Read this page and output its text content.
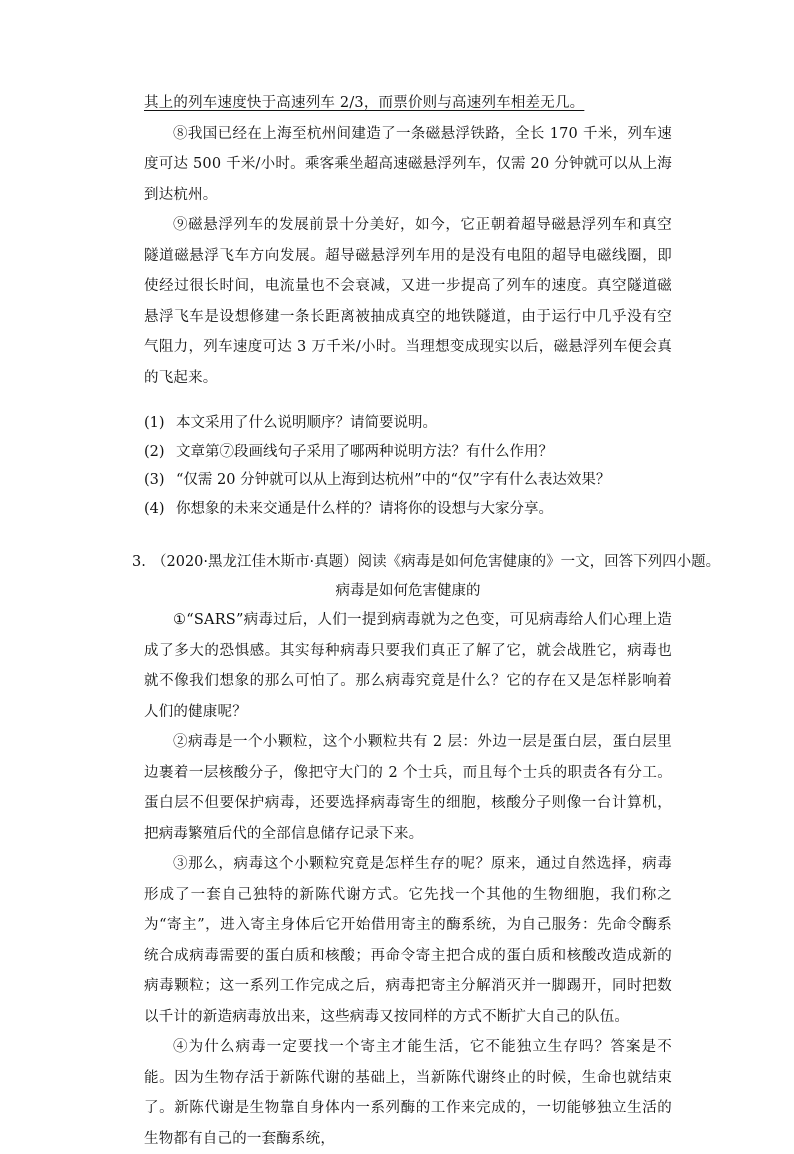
其上的列车速度快于高速列车 2/3，而票价则与高速列车相差无几。

⑧我国已经在上海至杭州间建造了一条磁悬浮铁路，全长 170 千米，列车速度可达 500 千米/小时。乘客乘坐超高速磁悬浮列车，仅需 20 分钟就可以从上海到达杭州。

⑨磁悬浮列车的发展前景十分美好，如今，它正朝着超导磁悬浮列车和真空隧道磁悬浮飞车方向发展。超导磁悬浮列车用的是没有电阻的超导电磁线圈，即使经过很长时间，电流量也不会衰减，又进一步提高了列车的速度。真空隧道磁悬浮飞车是设想修建一条长距离被抽成真空的地铁隧道，由于运行中几乎没有空气阻力，列车速度可达 3 万千米/小时。当理想变成现实以后，磁悬浮列车便会真的飞起来。

(1) 本文采用了什么说明顺序？请简要说明。
(2) 文章第⑦段画线句子采用了哪两种说明方法？有什么作用？
(3) “仅需 20 分钟就可以从上海到达杭州”中的“仅”字有什么表达效果？
(4) 你想象的未来交通是什么样的？请将你的设想与大家分享。
3. （2020·黑龙江佳木斯市·真题）阅读《病毒是如何危害健康的》一文，回答下列四小题。

病毒是如何危害健康的

①“SARS”病毒过后，人们一提到病毒就为之色变，可见病毒给人们心理上造成了多大的恐惧感。其实每种病毒只要我们真正了解了它，就会战胜它，病毒也就不像我们想象的那么可怕了。那么病毒究竟是什么？它的存在又是怎样影响着人们的健康呢？

②病毒是一个小颗粒，这个小颗粒共有 2 层：外边一层是蛋白层，蛋白层里边裹着一层核酸分子，像把守大门的 2 个士兵，而且每个士兵的职责各有分工。蛋白层不但要保护病毒，还要选择病毒寄生的细胞，核酸分子则像一台计算机，把病毒繁殖后代的全部信息储存记录下来。

③那么，病毒这个小颗粒究竟是怎样生存的呢？原来，通过自然选择，病毒形成了一套自己独特的新陈代谢方式。它先找一个其他的生物细胞，我们称之为“寄主”，进入寄主身体后它开始借用寄主的酶系统，为自己服务：先命令酶系统合成病毒需要的蛋白质和核酸；再命令寄主把合成的蛋白质和核酸改造成新的病毒颗粒；这一系列工作完成之后，病毒把寄主分解消灭并一脚踢开，同时把数以千计的新造病毒放出来，这些病毒又按同样的方式不断扩大自己的队伍。

④为什么病毒一定要找一个寄主才能生活，它不能独立生存吗？答案是不能。因为生物存活于新陈代谢的基础上，当新陈代谢终止的时候，生命也就结束了。新陈代谢是生物靠自身体内一系列酶的工作来完成的，一切能够独立生活的生物都有自己的一套酶系统，
